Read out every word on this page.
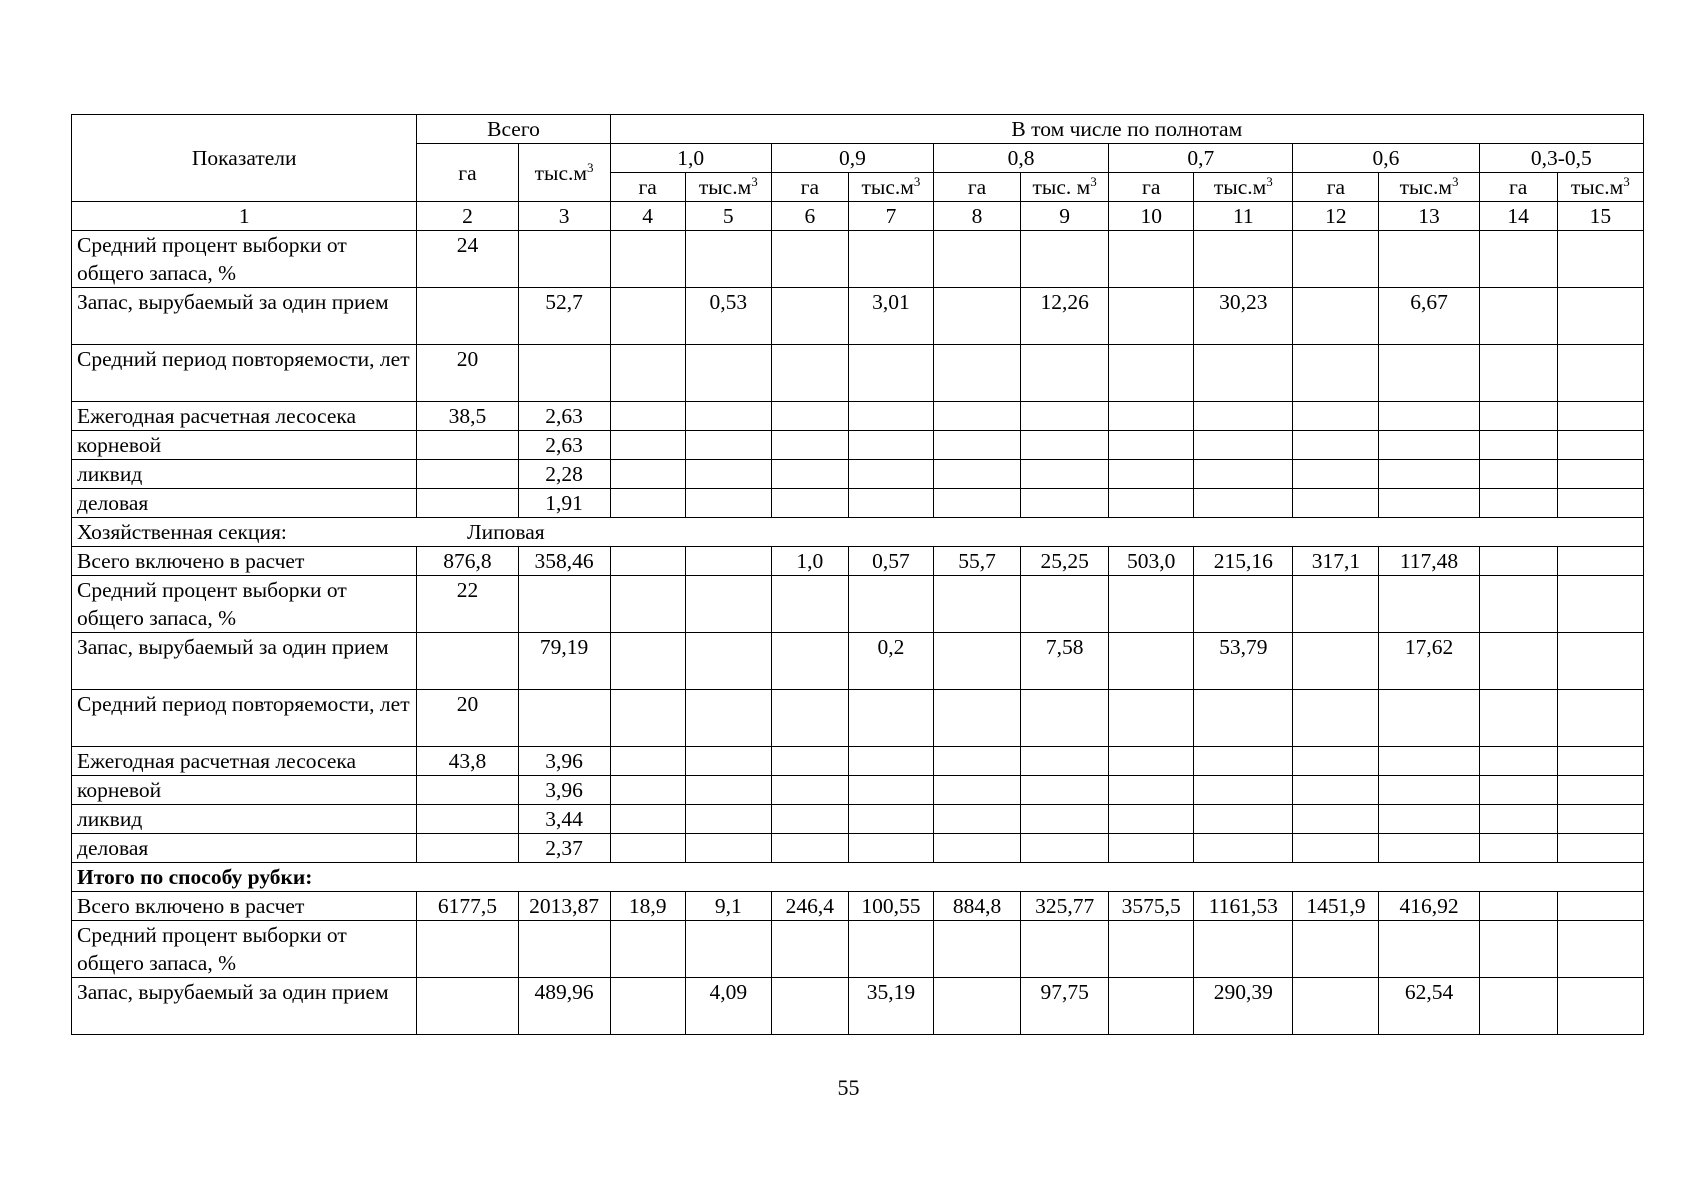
Показатели	Всего		В том числе по полнотам											
	га	$тыс.м^3$	1,0		0,9		0,8		0,7		0,6		0,3-0,5	
			га	$тыс.м^3$	га	$тыс.м^3$	га	тыс. $м^3$	га	$тыс.м^3$	га	$тыс.м^3$	га	$тыс.м^3$
1	2	3	4	5	6	7	8	9	10	11	12	13	14	15
Средний процент выборки от общего запаса, %	24													
Запас, вырубаемый за один прием		52,7		0,53		3,01		12,26		30,23		6,67		
Средний период повторяемости, лет	20													
Ежегодная расчетная лесосека	38,5	2,63												
корневой		2,63												
ликвид		2,28												
деловая		1,91												
Хозяйственная секция: Липовая														

Всего включено в расчет	876,8	358,46			1,0	0,57	55,7	25,25	503,0	215,16	317,1	117,48		
Средний процент выборки от общего запаса, %	22													
Запас, вырубаемый за один прием		79,19				0,2		7,58		53,79		17,62		
Средний период повторяемости, лет	20													
Ежегодная расчетная лесосека	43,8	3,96												
корневой		3,96												
ликвид		3,44												
деловая		2,37												
Итого по способу рубки:														
Всего включено в расчет	6177,5	2013,87	18,9	9,1	246,4	100,55	884,8	325,77	3575,5	1161,53	1451,9	416,92		
Средний процент выборки от общего запаса, %														
Запас, вырубаемый за один прием		489,96		4,09		35,19		97,75		290,39		62,54		
55
